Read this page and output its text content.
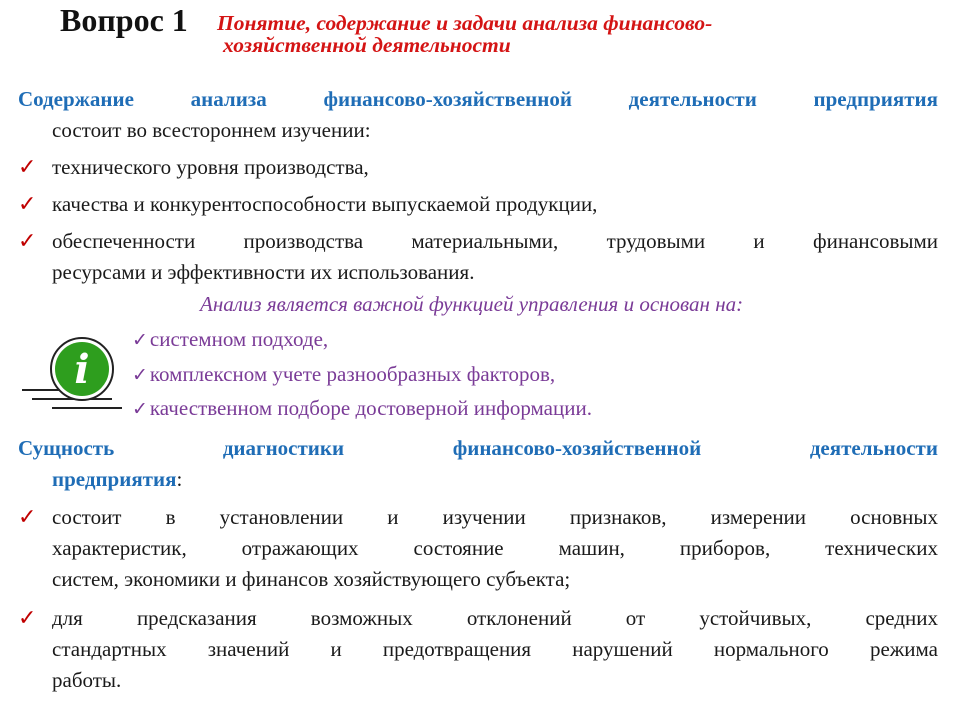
Вопрос 1 Понятие, содержание и задачи анализа финансово-
хозяйственной деятельности
Содержание анализа финансово-хозяйственной деятельности предприятия
состоит во всестороннем изучении:
✓ технического уровня производства,
✓ качества и конкурентоспособности выпускаемой продукции,
✓ обеспеченности производства материальными, трудовыми и финансовыми
ресурсами и эффективности их использования.
Анализ является важной функцией управления и основан на:
i
✓системном подходе,
✓комплексном учете разнообразных факторов,
✓качественном подборе достоверной информации.
Сущность	диагностики	финансово-хозяйственной	деятельности
предприятия:
✓ состоит в установлении и изучении признаков, измерении основных
характеристик, отражающих состояние машин, приборов, технических
систем, экономики и финансов хозяйствующего субъекта;
✓ для предсказания возможных отклонений от устойчивых, средних
стандартных значений и предотвращения нарушений нормального режима
работы.
